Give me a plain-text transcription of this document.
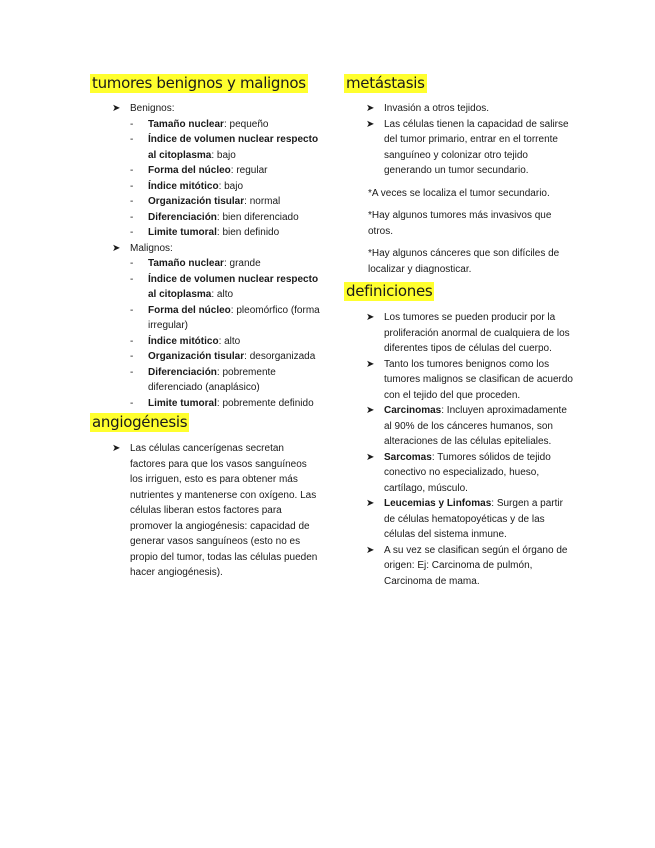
tumores benignos y malignos
➤ Benignos:
- Tamaño nuclear: pequeño
- Índice de volumen nuclear respecto al citoplasma: bajo
- Forma del núcleo: regular
- Índice mitótico: bajo
- Organización tisular: normal
- Diferenciación: bien diferenciado
- Limite tumoral: bien definido
➤ Malignos:
- Tamaño nuclear: grande
- Índice de volumen nuclear respecto al citoplasma: alto
- Forma del núcleo: pleomórfico (forma irregular)
- Índice mitótico: alto
- Organización tisular: desorganizada
- Diferenciación: pobremente diferenciado (anaplásico)
- Limite tumoral: pobremente definido
angiogénesis
➤ Las células cancerígenas secretan factores para que los vasos sanguíneos los irriguen, esto es para obtener más nutrientes y mantenerse con oxígeno. Las células liberan estos factores para promover la angiogénesis: capacidad de generar vasos sanguíneos (esto no es propio del tumor, todas las células pueden hacer angiogénesis).
metástasis
➤ Invasión a otros tejidos.
➤ Las células tienen la capacidad de salirse del tumor primario, entrar en el torrente sanguíneo y colonizar otro tejido generando un tumor secundario.
*A veces se localiza el tumor secundario.
*Hay algunos tumores más invasivos que otros.
*Hay algunos cánceres que son difíciles de localizar y diagnosticar.
definiciones
➤ Los tumores se pueden producir por la proliferación anormal de cualquiera de los diferentes tipos de células del cuerpo.
➤ Tanto los tumores benignos como los tumores malignos se clasifican de acuerdo con el tejido del que proceden.
➤ Carcinomas: Incluyen aproximadamente al 90% de los cánceres humanos, son alteraciones de las células epiteliales.
➤ Sarcomas: Tumores sólidos de tejido conectivo no especializado, hueso, cartílago, músculo.
➤ Leucemias y Linfomas: Surgen a partir de células hematopoyéticas y de las células del sistema inmune.
➤ A su vez se clasifican según el órgano de origen: Ej: Carcinoma de pulmón, Carcinoma de mama.
